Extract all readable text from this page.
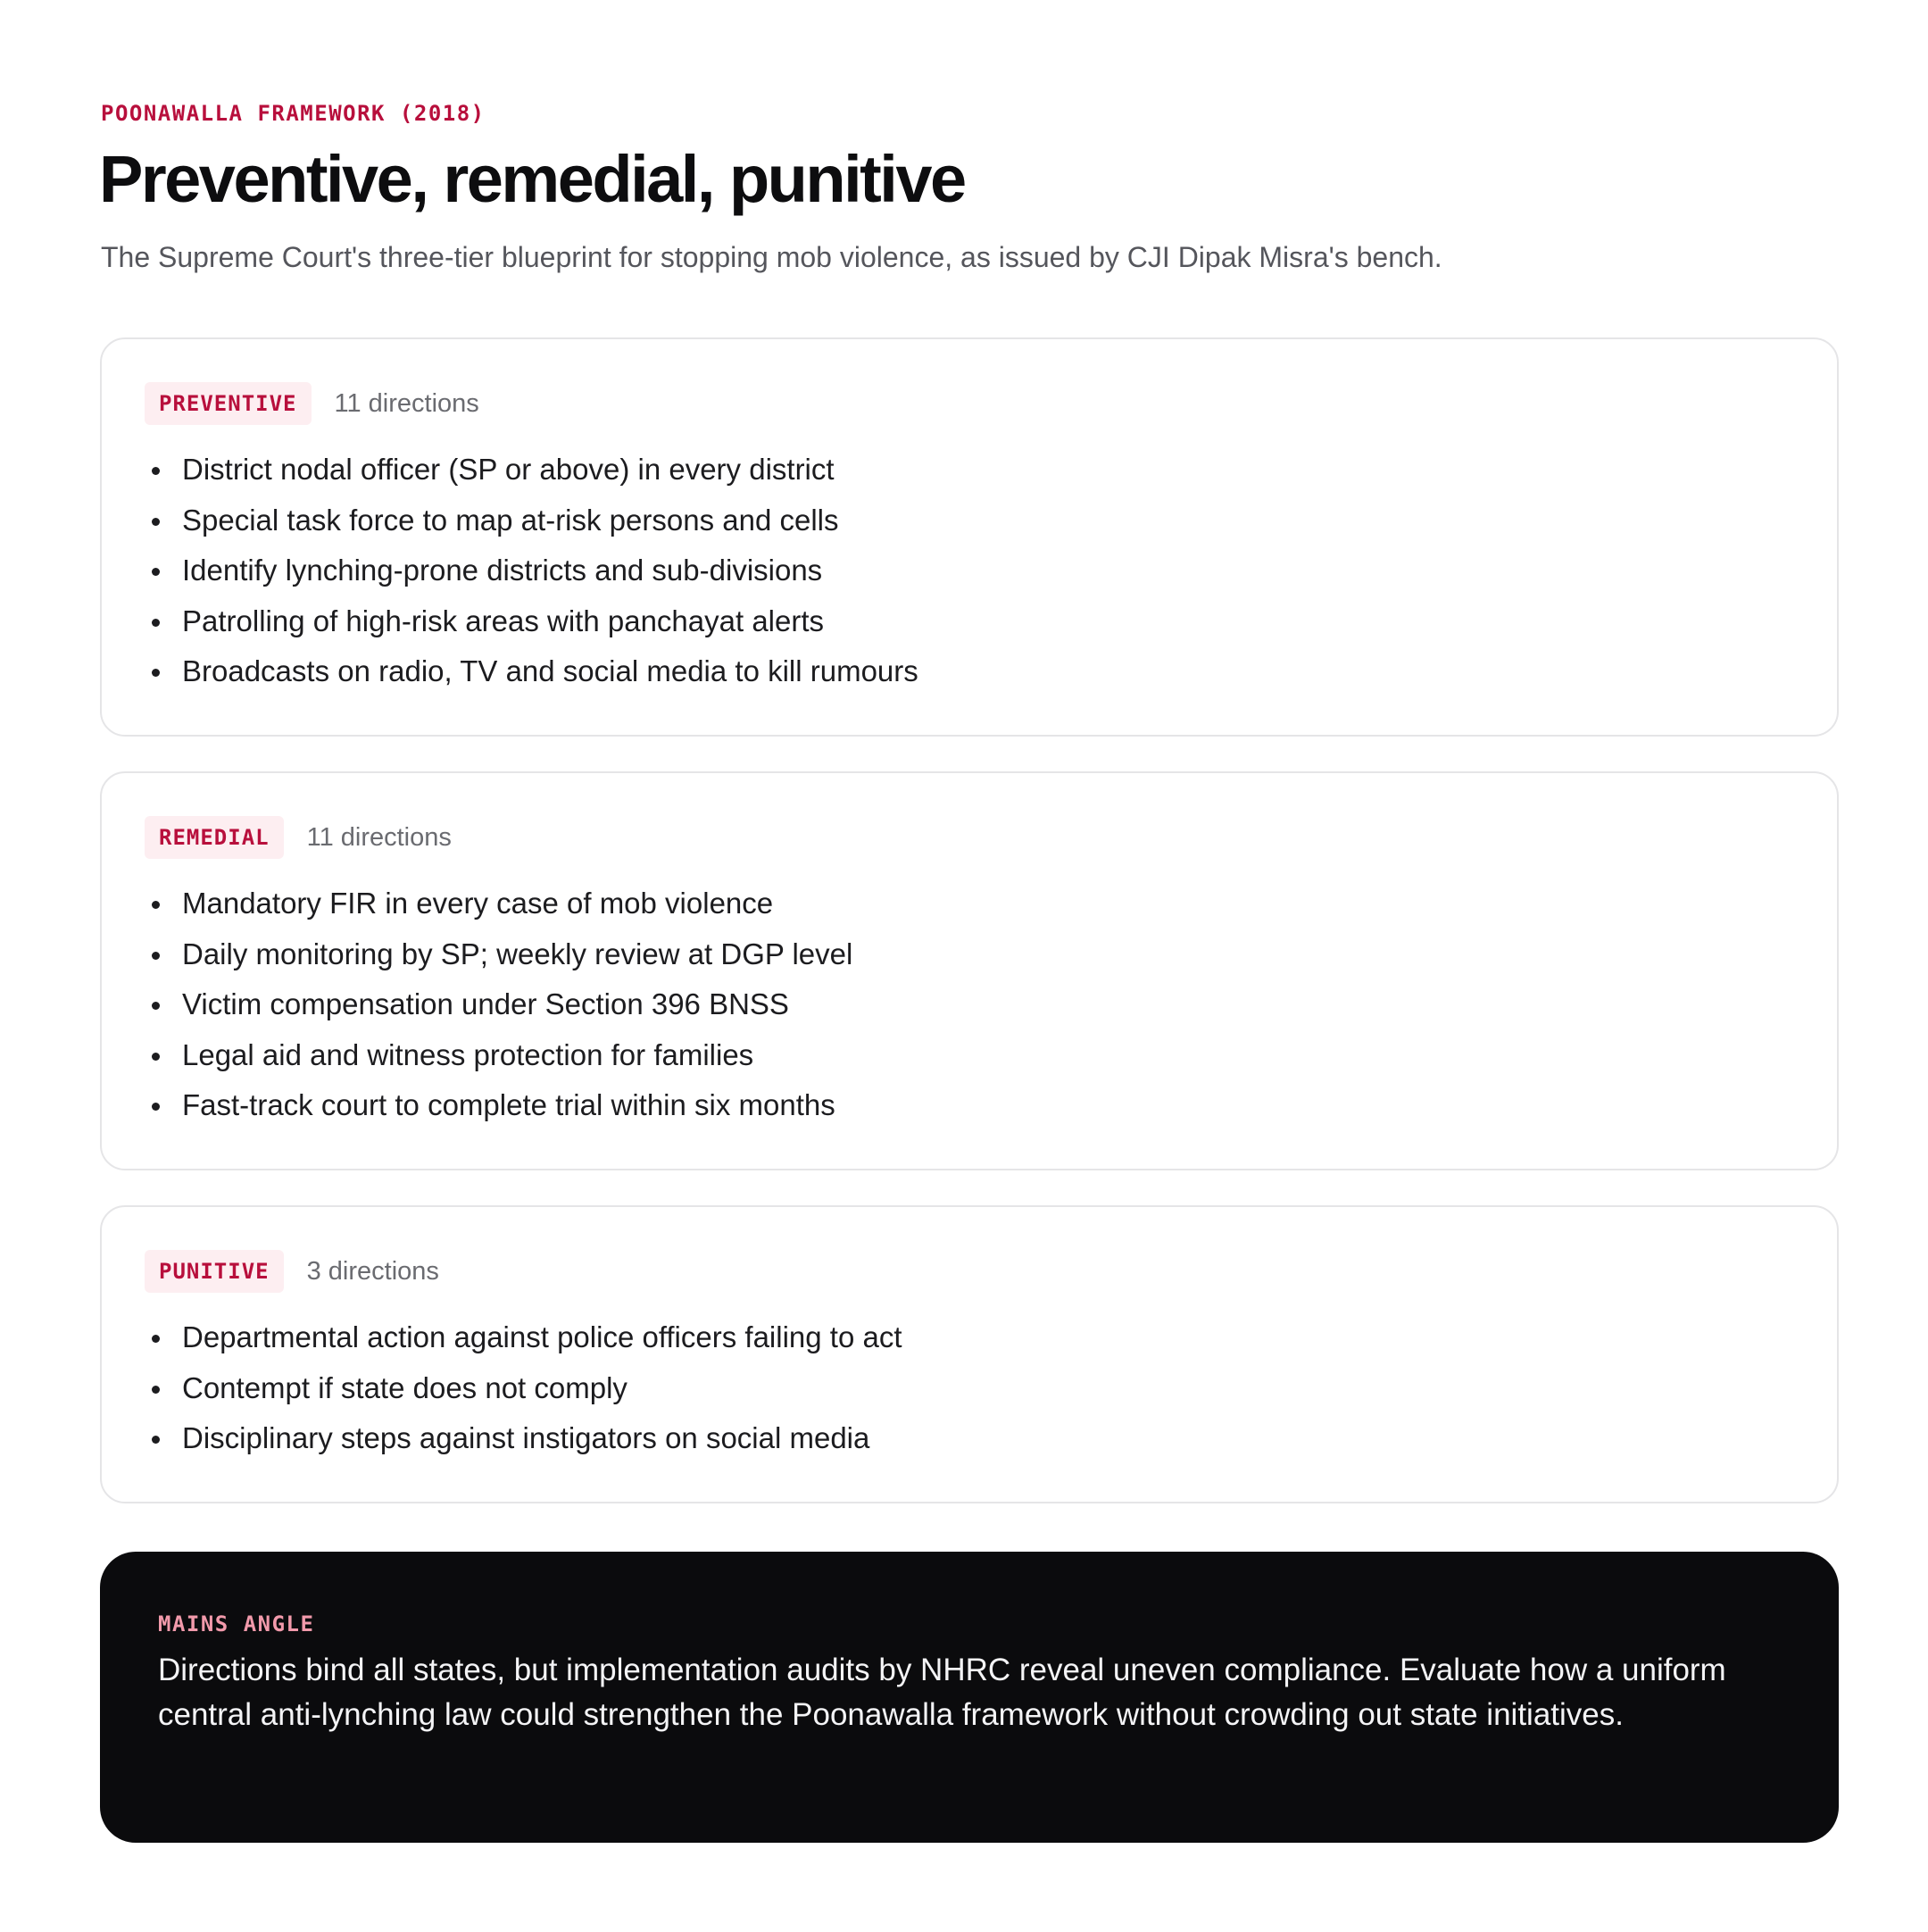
POONAWALLA FRAMEWORK (2018)

Preventive, remedial, punitive

The Supreme Court's three-tier blueprint for stopping mob violence, as issued by CJI Dipak Misra's bench.

PREVENTIVE	11 directions
District nodal officer (SP or above) in every district
Special task force to map at-risk persons and cells
Identify lynching-prone districts and sub-divisions
Patrolling of high-risk areas with panchayat alerts
Broadcasts on radio, TV and social media to kill rumours
REMEDIAL	11 directions
Mandatory FIR in every case of mob violence
Daily monitoring by SP; weekly review at DGP level
Victim compensation under Section 396 BNSS
Legal aid and witness protection for families
Fast-track court to complete trial within six months
PUNITIVE	3 directions
Departmental action against police officers failing to act
Contempt if state does not comply
Disciplinary steps against instigators on social media
MAINS ANGLE

Directions bind all states, but implementation audits by NHRC reveal uneven compliance. Evaluate how a uniform central anti-lynching law could strengthen the Poonawalla framework without crowding out state initiatives.
